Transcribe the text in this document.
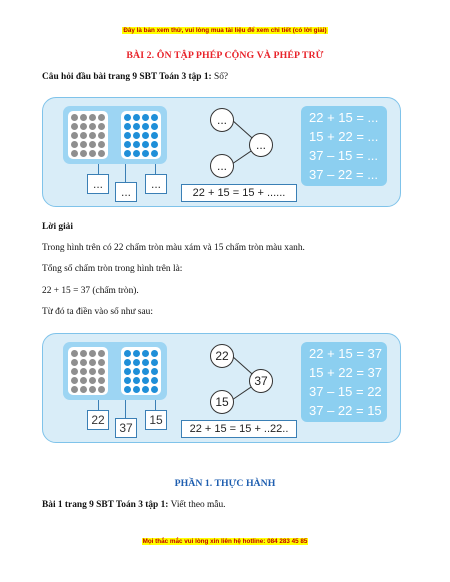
Đây là bản xem thử, vui lòng mua tài liệu để xem chi tiết (có lời giải)
BÀI 2. ÔN TẬP PHÉP CỘNG VÀ PHÉP TRỪ
Câu hỏi đầu bài trang 9 SBT Toán 3 tập 1: Số?
...
...
...
...
...
...
22 + 15 = 15 + ......
22 + 15 = ...
15 + 22 = ...
37 – 15 = ...
37 – 22 = ...
Lời giải
Trong hình trên có 22 chấm tròn màu xám và 15 chấm tròn màu xanh.
Tổng số chấm tròn trong hình trên là:
22 + 15 = 37 (chấm tròn).
Từ đó ta điền vào số như sau:
22
37
15
22
37
15
22 + 15 = 15 + ..22..
22 + 15 = 37
15 + 22 = 37
37 – 15 = 22
37 – 22 = 15
PHẦN 1. THỰC HÀNH
Bài 1 trang 9 SBT Toán 3 tập 1: Viết theo mẫu.
Mọi thắc mắc vui lòng xin liên hệ hotline: 084 283 45 85
